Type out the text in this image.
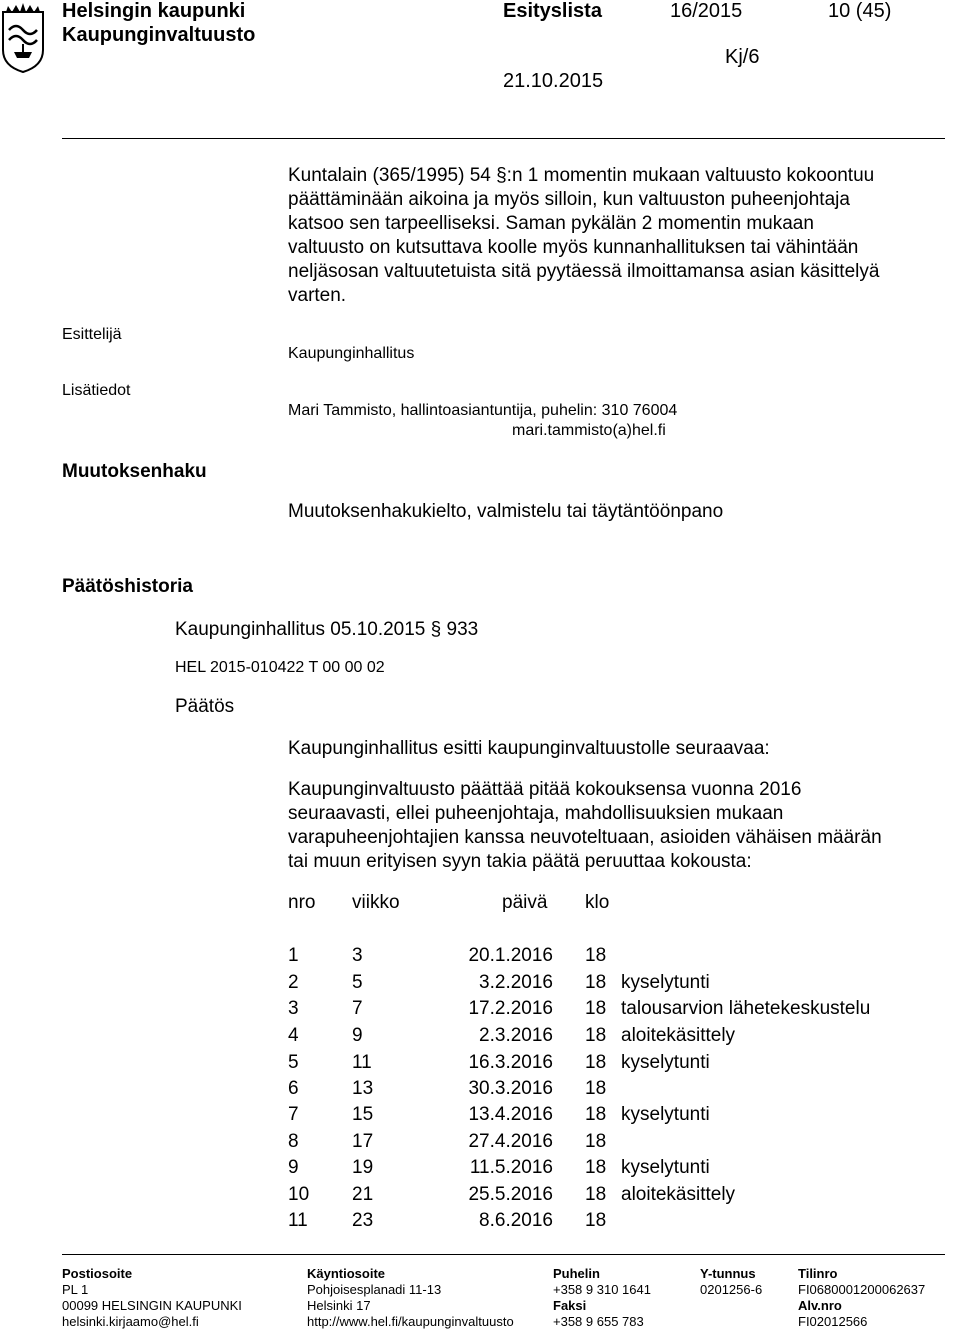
Helsingin kaupunki
Kaupunginvaltuusto
Esityslista	16/2015	10 (45)
Kj/6
21.10.2015
Kuntalain (365/1995) 54 §:n 1 momentin mukaan valtuusto kokoontuu
päättäminään aikoina ja myös silloin, kun valtuuston puheenjohtaja
katsoo sen tarpeelliseksi. Saman pykälän 2 momentin mukaan
valtuusto on kutsuttava koolle myös kunnanhallituksen tai vähintään
neljäsosan valtuutetuista sitä pyytäessä ilmoittamansa asian käsittelyä
varten.
Esittelijä
Kaupunginhallitus
Lisätiedot
Mari Tammisto, hallintoasiantuntija, puhelin: 310 76004
mari.tammisto(a)hel.fi
Muutoksenhaku
Muutoksenhakukielto, valmistelu tai täytäntöönpano
Päätöshistoria
Kaupunginhallitus 05.10.2015 § 933
HEL 2015-010422 T 00 00 02
Päätös
Kaupunginhallitus esitti kaupunginvaltuustolle seuraavaa:
Kaupunginvaltuusto päättää pitää kokouksensa vuonna 2016
seuraavasti, ellei puheenjohtaja, mahdollisuuksien mukaan
varapuheenjohtajien kanssa neuvoteltuaan, asioiden vähäisen määrän
tai muun erityisen syyn takia päätä peruuttaa kokousta:
nro viikko	päivä klo
1	3	20.1.2016 18
2	5	3.2.2016 18 kyselytunti
3	7	17.2.2016 18 talousarvion lähetekeskustelu
4	9	2.3.2016 18 aloitekäsittely
5	11	16.3.2016 18 kyselytunti
6	13	30.3.2016 18
7	15	13.4.2016 18 kyselytunti
8	17	27.4.2016 18
9	19	11.5.2016 18 kyselytunti
10 21	25.5.2016 18 aloitekäsittely
11 23	8.6.2016 18
Postiosoite
PL 1
00099 HELSINGIN KAUPUNKI
helsinki.kirjaamo@hel.fi
Käyntiosoite
Pohjoisesplanadi 11-13
Helsinki 17
http://www.hel.fi/kaupunginvaltuusto
Puhelin
+358 9 310 1641
Faksi
+358 9 655 783
Y-tunnus
0201256-6
Tilinro
FI0680001200062637
Alv.nro
FI02012566
